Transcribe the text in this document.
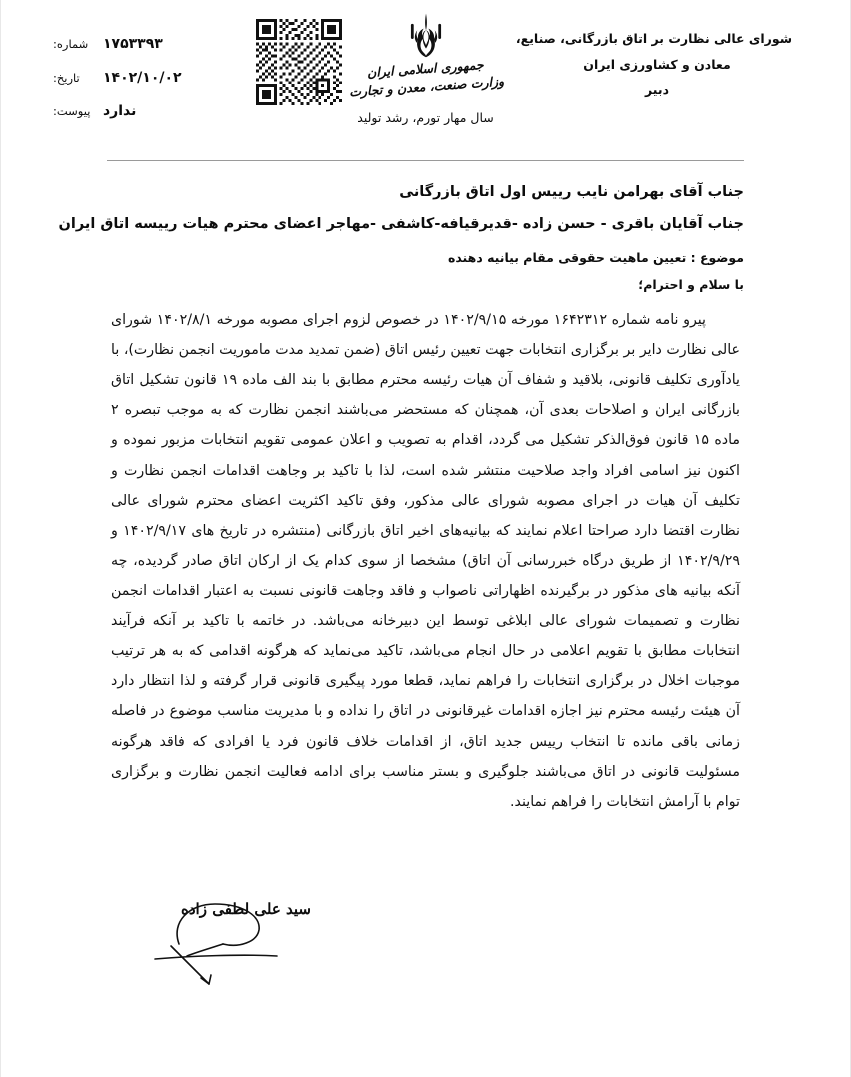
شورای عالی نظارت بر اتاق بازرگانی، صنایع،
معادن و کشاورزی ایران
دبیر
جمهوری اسلامی ایران
وزارت صنعت، معدن و تجارت
سال مهار تورم، رشد تولید
شماره:	۱۷۵۳۳۹۳
تاریخ:	۱۴۰۲/۱۰/۰۲
پیوست: ندارد
جناب آقای بهرامن نایب رییس اول اتاق بازرگانی
جناب آقایان باقری - حسن زاده -قدیرقیافه-کاشفی -مهاجر اعضای محترم هیات رییسه اتاق ایران
موضوع : تعیین ماهیت حقوقی مقام بیانیه دهنده
با سلام و احترام؛
پیرو نامه شماره ۱۶۴۲۳۱۲ مورخه ۱۴۰۲/۹/۱۵ در خصوص لزوم اجرای مصوبه مورخه ۱۴۰۲/۸/۱ شورای عالی نظارت دایر بر برگزاری انتخابات جهت تعیین رئیس اتاق (ضمن تمدید مدت ماموریت انجمن نظارت)، با یادآوری تکلیف قانونی، بلاقید و شفاف آن هیات رئیسه محترم مطابق با بند الف ماده ۱۹ قانون تشکیل اتاق بازرگانی ایران و اصلاحات بعدی آن، همچنان که مستحضر می‌باشند انجمن نظارت که به موجب تبصره ۲ ماده ۱۵ قانون فوق‌الذکر تشکیل می گردد، اقدام به تصویب و اعلان عمومی تقویم انتخابات مزبور نموده و اکنون نیز اسامی افراد واجد صلاحیت منتشر شده است، لذا با تاکید بر وجاهت اقدامات انجمن نظارت و تکلیف آن هیات در اجرای مصوبه شورای عالی مذکور، وفق تاکید اکثریت اعضای محترم شورای عالی نظارت اقتضا دارد صراحتا اعلام نمایند که بیانیه‌های اخیر اتاق بازرگانی (منتشره در تاریخ های ۱۴۰۲/۹/۱۷ و ۱۴۰۲/۹/۲۹ از طریق درگاه خبررسانی آن اتاق) مشخصا از سوی کدام یک از ارکان اتاق صادر گردیده، چه آنکه بیانیه های مذکور در برگیرنده اظهاراتی ناصواب و فاقد وجاهت قانونی نسبت به اعتبار اقدامات انجمن نظارت و تصمیمات شورای عالی ابلاغی توسط این دبیرخانه می‌باشد. در خاتمه با تاکید بر آنکه فرآیند انتخابات مطابق با تقویم اعلامی در حال انجام می‌باشد، تاکید می‌نماید که هرگونه اقدامی که به هر ترتیب موجبات اخلال در برگزاری انتخابات را فراهم نماید، قطعا مورد پیگیری قانونی قرار گرفته و لذا انتظار دارد آن هیئت رئیسه محترم نیز اجازه اقدامات غیرقانونی در اتاق را نداده و با مدیریت مناسب موضوع در فاصله زمانی باقی مانده تا انتخاب رییس جدید اتاق، از اقدامات خلاف قانون فرد یا افرادی که فاقد هرگونه مسئولیت قانونی در اتاق می‌باشند جلوگیری و بستر مناسب برای ادامه فعالیت انجمن نظارت و برگزاری توام با آرامش انتخابات را فراهم نمایند.
سید علی لطفی زاده
